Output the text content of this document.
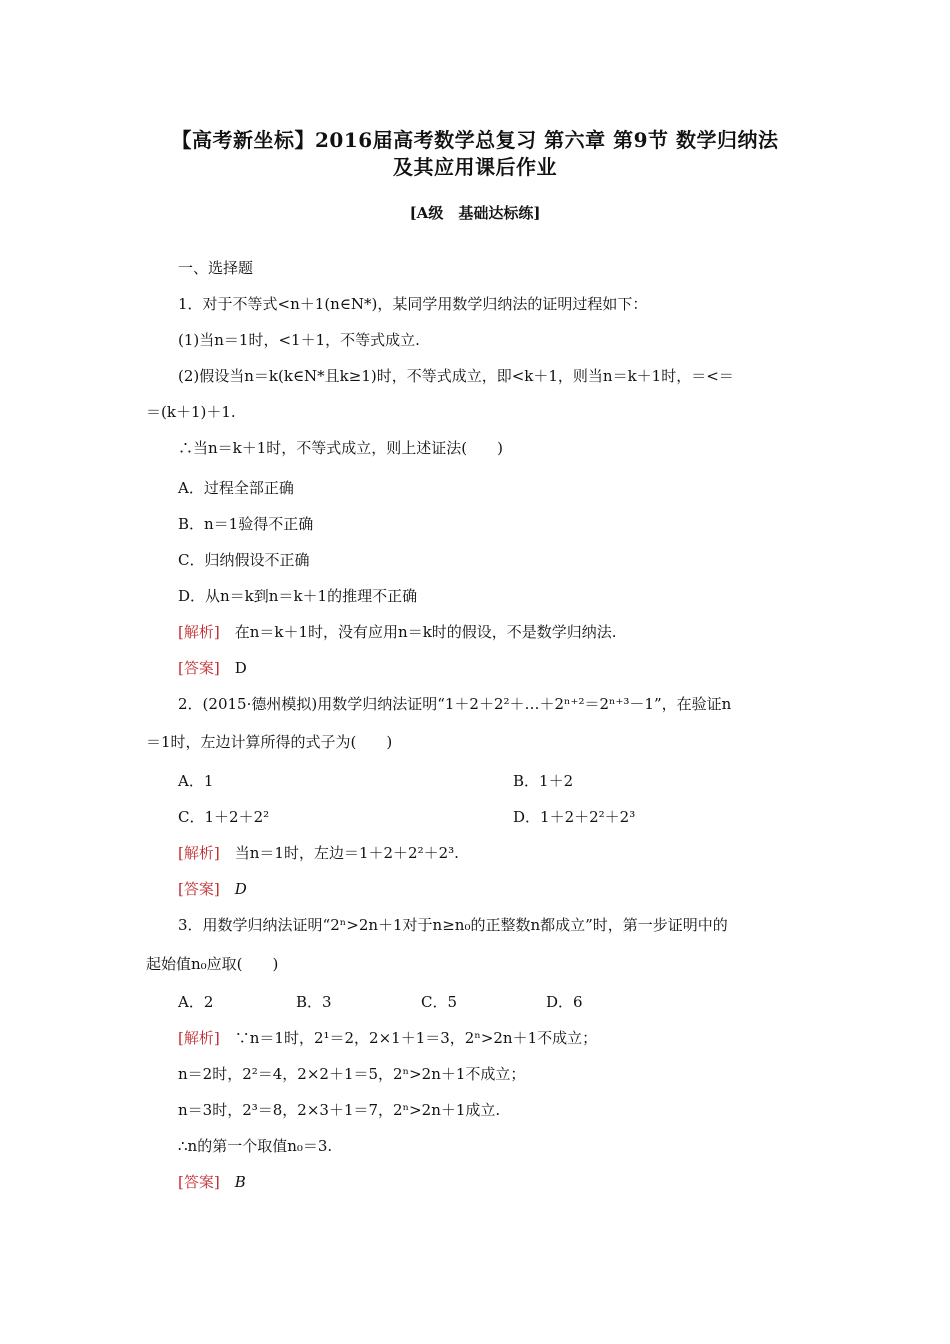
【高考新坐标】2016届高考数学总复习 第六章 第9节 数学归纳法
及其应用课后作业
[A级　基础达标练]
一、选择题
1．对于不等式<n＋1(n∈N*)，某同学用数学归纳法的证明过程如下：
(1)当n＝1时，<1＋1，不等式成立.
(2)假设当n＝k(k∈N*且k≥1)时，不等式成立，即<k＋1，则当n＝k＋1时，＝<＝
＝(k＋1)＋1.
∴当n＝k＋1时，不等式成立，则上述证法(　　)
A．过程全部正确
B．n＝1验得不正确
C．归纳假设不正确
D．从n＝k到n＝k＋1的推理不正确
[解析]　 在n＝k＋1时，没有应用n＝k时的假设，不是数学归纳法.
[答案]　 D
2．(2015·德州模拟)用数学归纳法证明“1＋2＋2²＋…＋2ⁿ⁺²＝2ⁿ⁺³－1”，在验证n
＝1时，左边计算所得的式子为(　　)
A．1	B．1＋2
C．1＋2＋2²	D．1＋2＋2²＋2³
[解析]　 当n＝1时，左边＝1＋2＋2²＋2³.
[答案]　 D
3．用数学归纳法证明“2ⁿ>2n＋1对于n≥n₀的正整数n都成立”时，第一步证明中的
起始值n₀应取(　　)
A．2	B．3	C．5	D．6
[解析]　 ∵n＝1时，2¹＝2，2×1＋1＝3，2ⁿ>2n＋1不成立；
n＝2时，2²＝4，2×2＋1＝5，2ⁿ>2n＋1不成立；
n＝3时，2³＝8，2×3＋1＝7，2ⁿ>2n＋1成立.
∴n的第一个取值n₀＝3.
[答案]　 B
